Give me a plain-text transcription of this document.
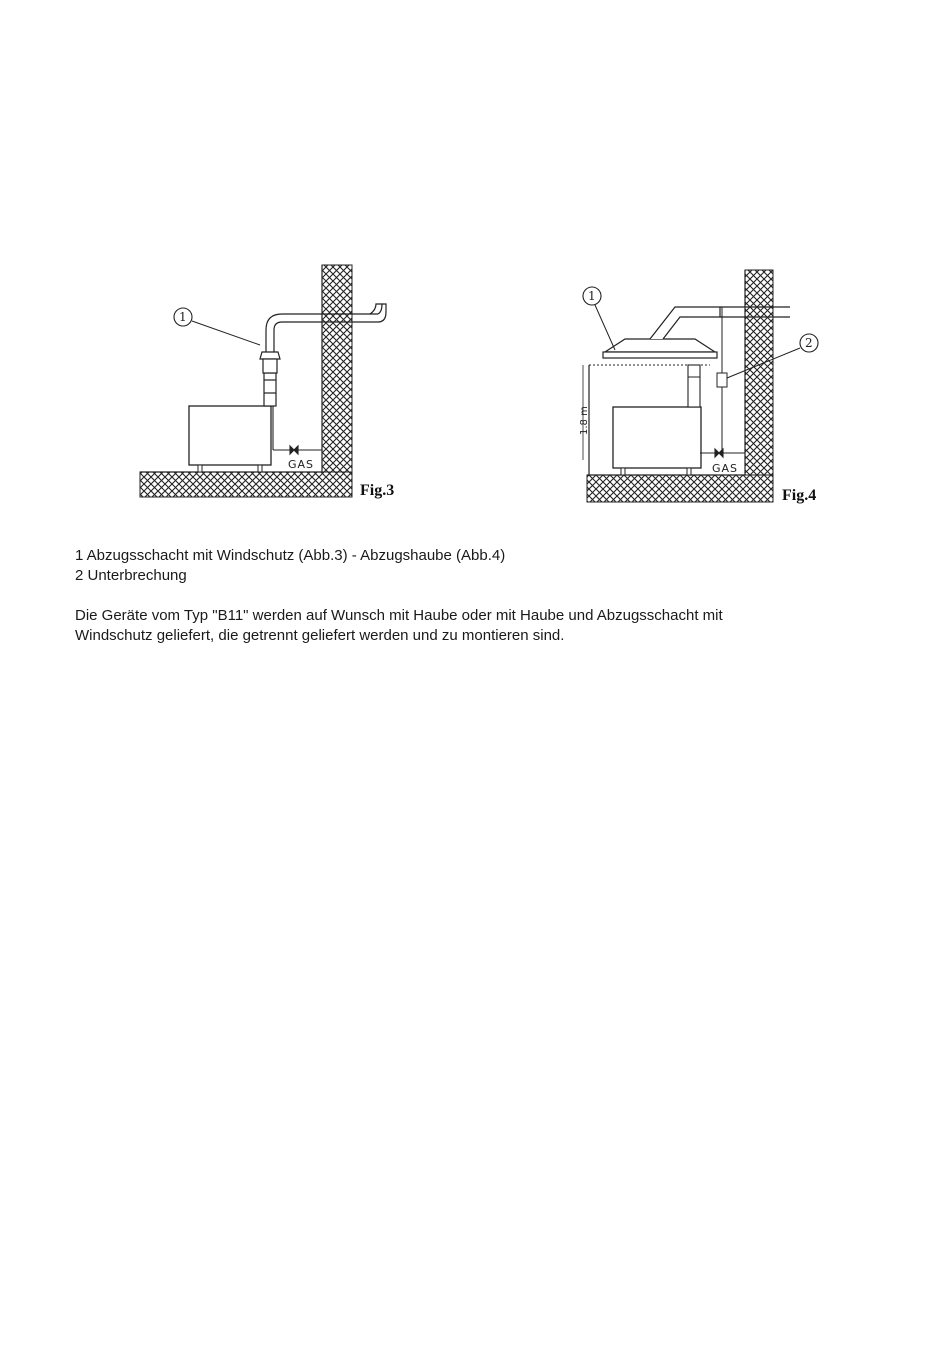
GAS
1
Fig.3
1.8 m
GAS
1
2
Fig.4

1 Abzugsschacht mit Windschutz (Abb.3) - Abzugshaube (Abb.4)

2 Unterbrechung

Die Geräte vom Typ "B11" werden auf Wunsch mit Haube oder mit Haube und Abzugsschacht mit

Windschutz geliefert, die getrennt geliefert werden und zu montieren sind.
